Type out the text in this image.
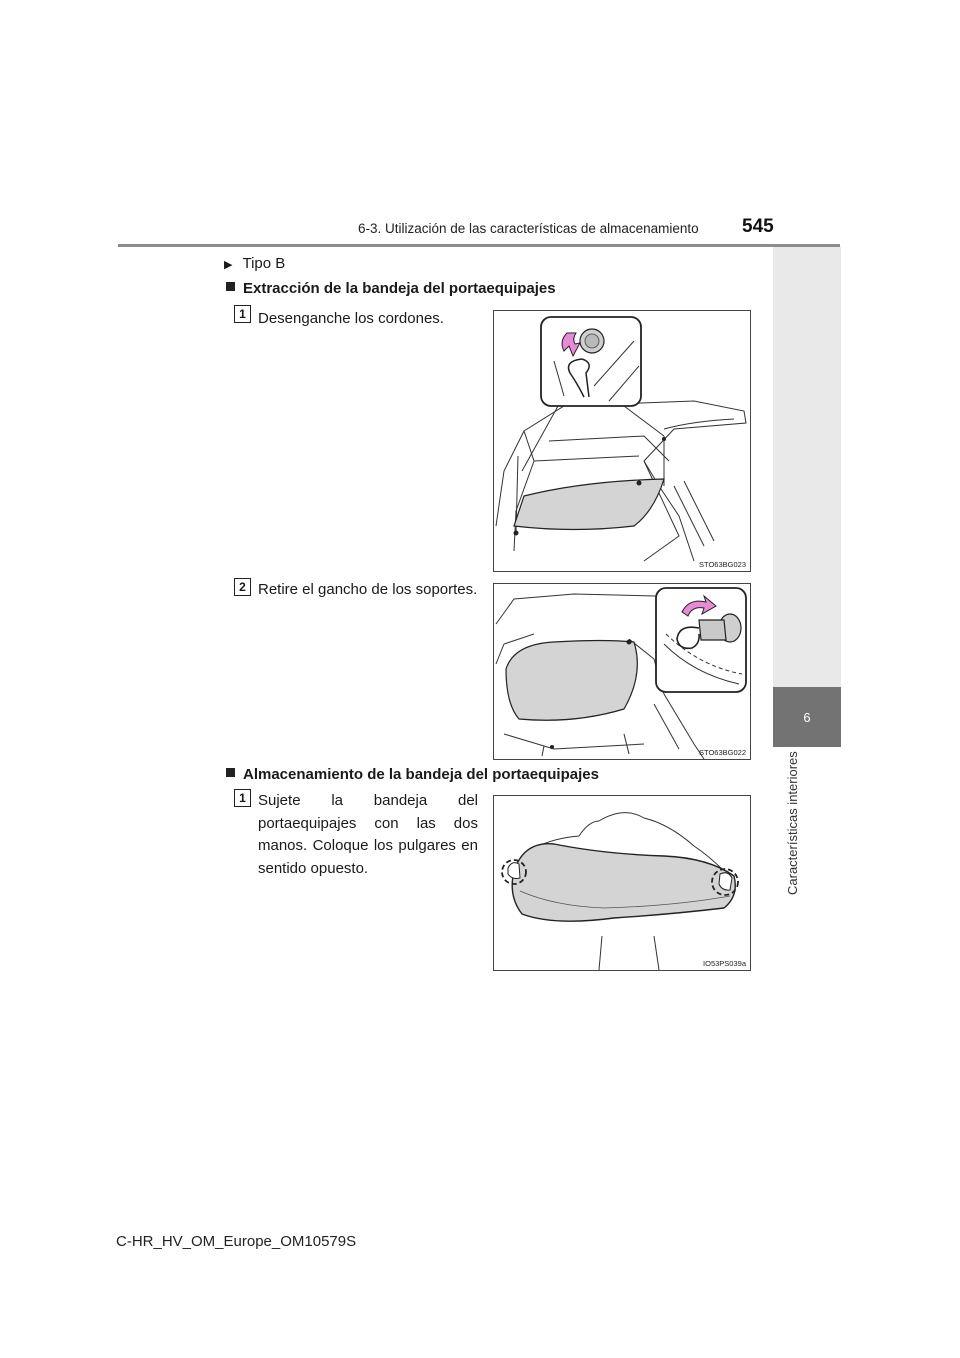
6-3. Utilización de las características de almacenamiento 545
6
Características interiores
▶ Tipo B
Extracción de la bandeja del portaequipajes
1 Desenganche los cordones.
STO63BG023
2 Retire el gancho de los soportes.
STO63BG022
Almacenamiento de la bandeja del portaequipajes
1 Sujete la bandeja del portaequipajes con las dos manos. Coloque los pulgares en sentido opuesto.
IO53PS039a
C-HR_HV_OM_Europe_OM10579S
